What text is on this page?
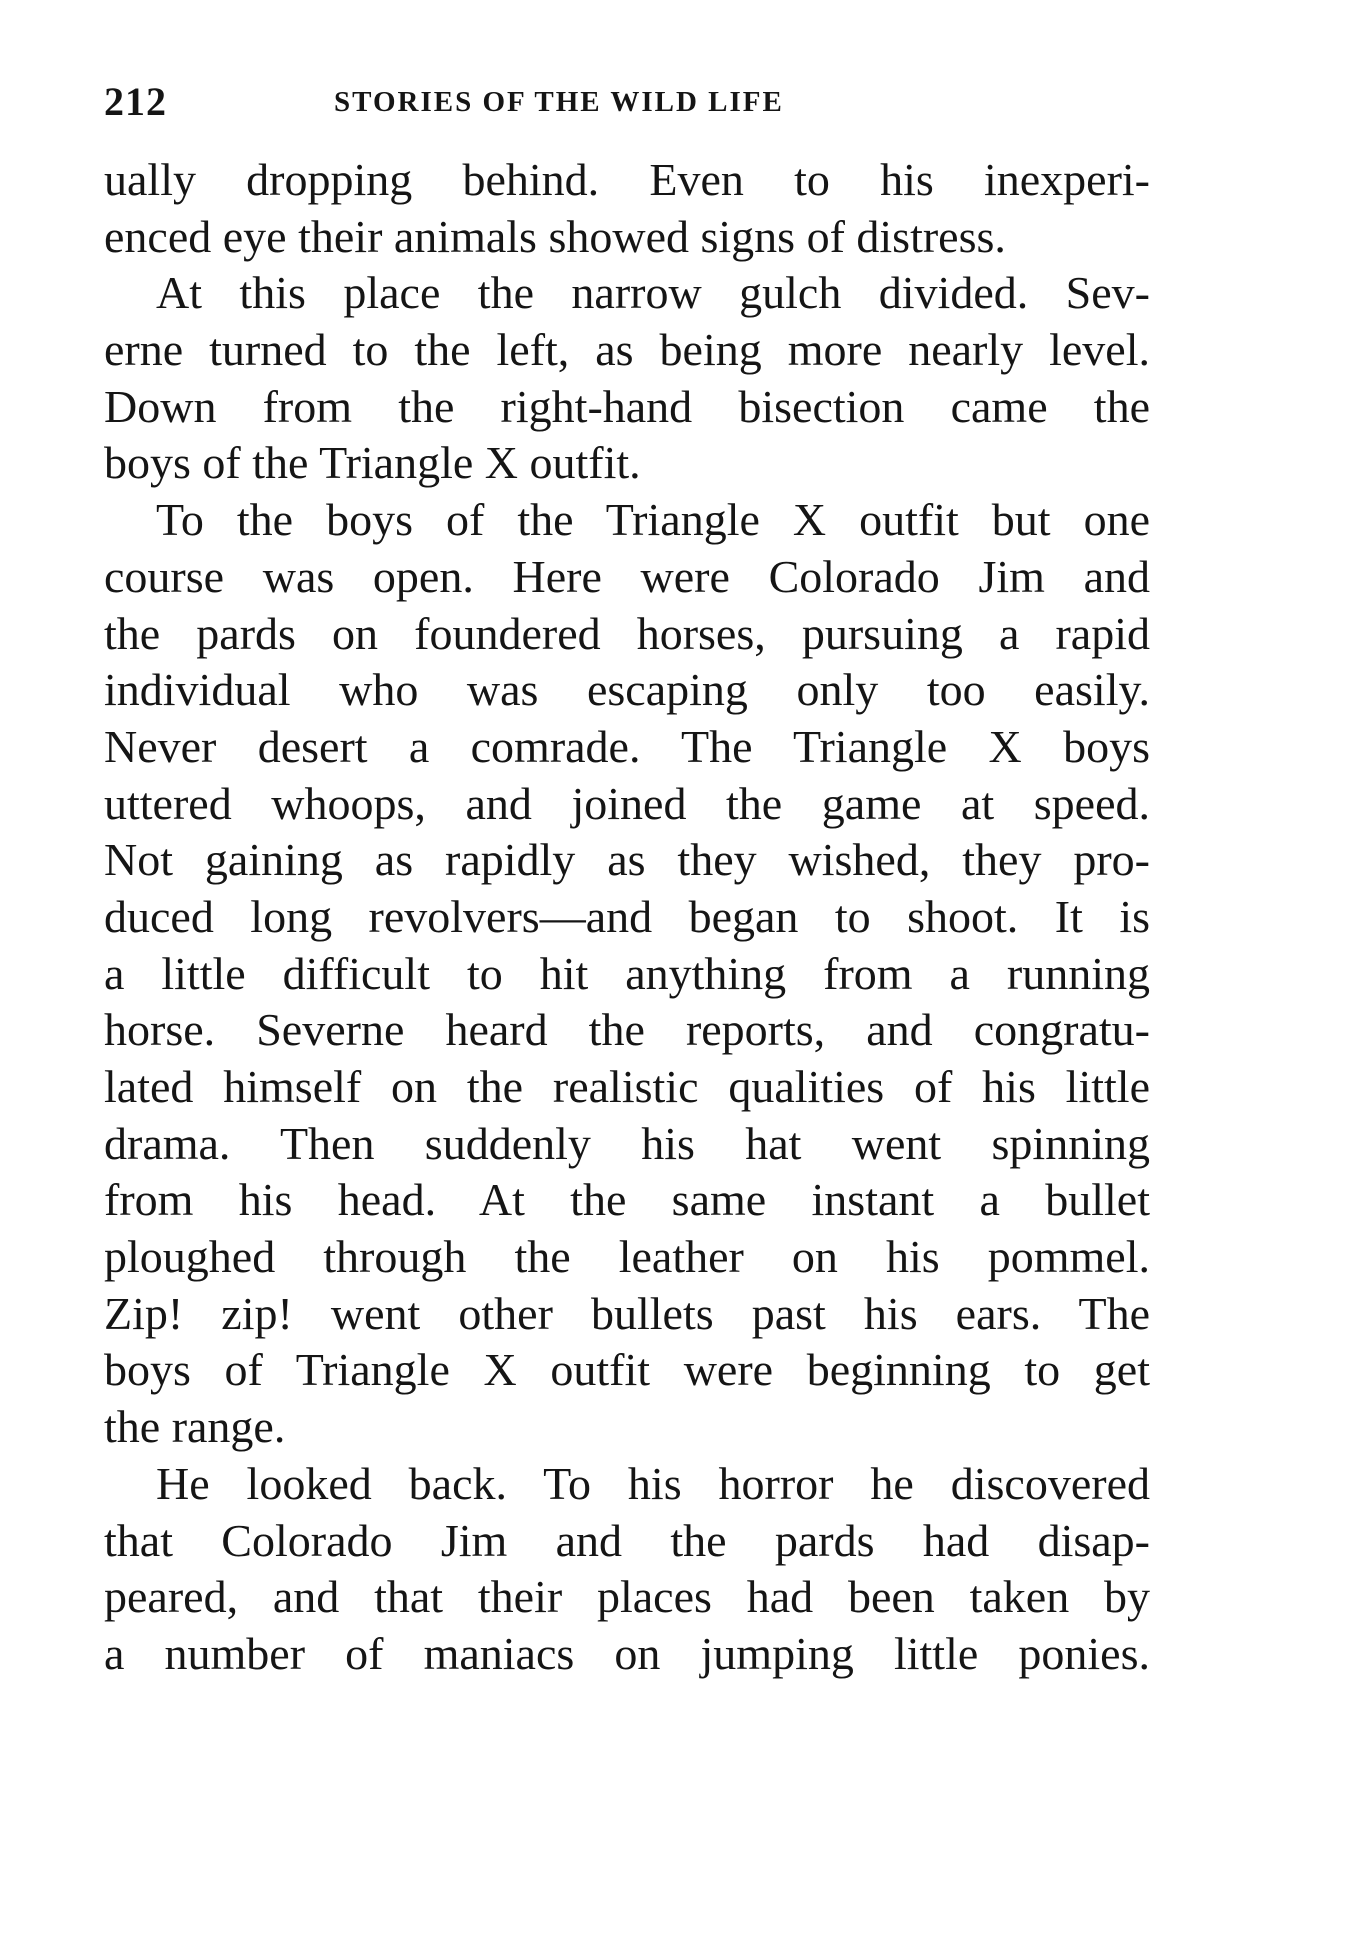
212	STORIES OF THE WILD LIFE
ually dropping behind. Even to his inexperi-
enced eye their animals showed signs of distress.
At this place the narrow gulch divided. Sev-
erne turned to the left, as being more nearly level.
Down from the right-hand bisection came the
boys of the Triangle X outfit.
To the boys of the Triangle X outfit but one
course was open. Here were Colorado Jim and
the pards on foundered horses, pursuing a rapid
individual who was escaping only too easily.
Never desert a comrade. The Triangle X boys
uttered whoops, and joined the game at speed.
Not gaining as rapidly as they wished, they pro-
duced long revolvers—and began to shoot. It is
a little difficult to hit anything from a running
horse. Severne heard the reports, and congratu-
lated himself on the realistic qualities of his little
drama. Then suddenly his hat went spinning
from his head. At the same instant a bullet
ploughed through the leather on his pommel.
Zip! zip! went other bullets past his ears. The
boys of Triangle X outfit were beginning to get
the range.
He looked back. To his horror he discovered
that Colorado Jim and the pards had disap-
peared, and that their places had been taken by
a number of maniacs on jumping little ponies.
